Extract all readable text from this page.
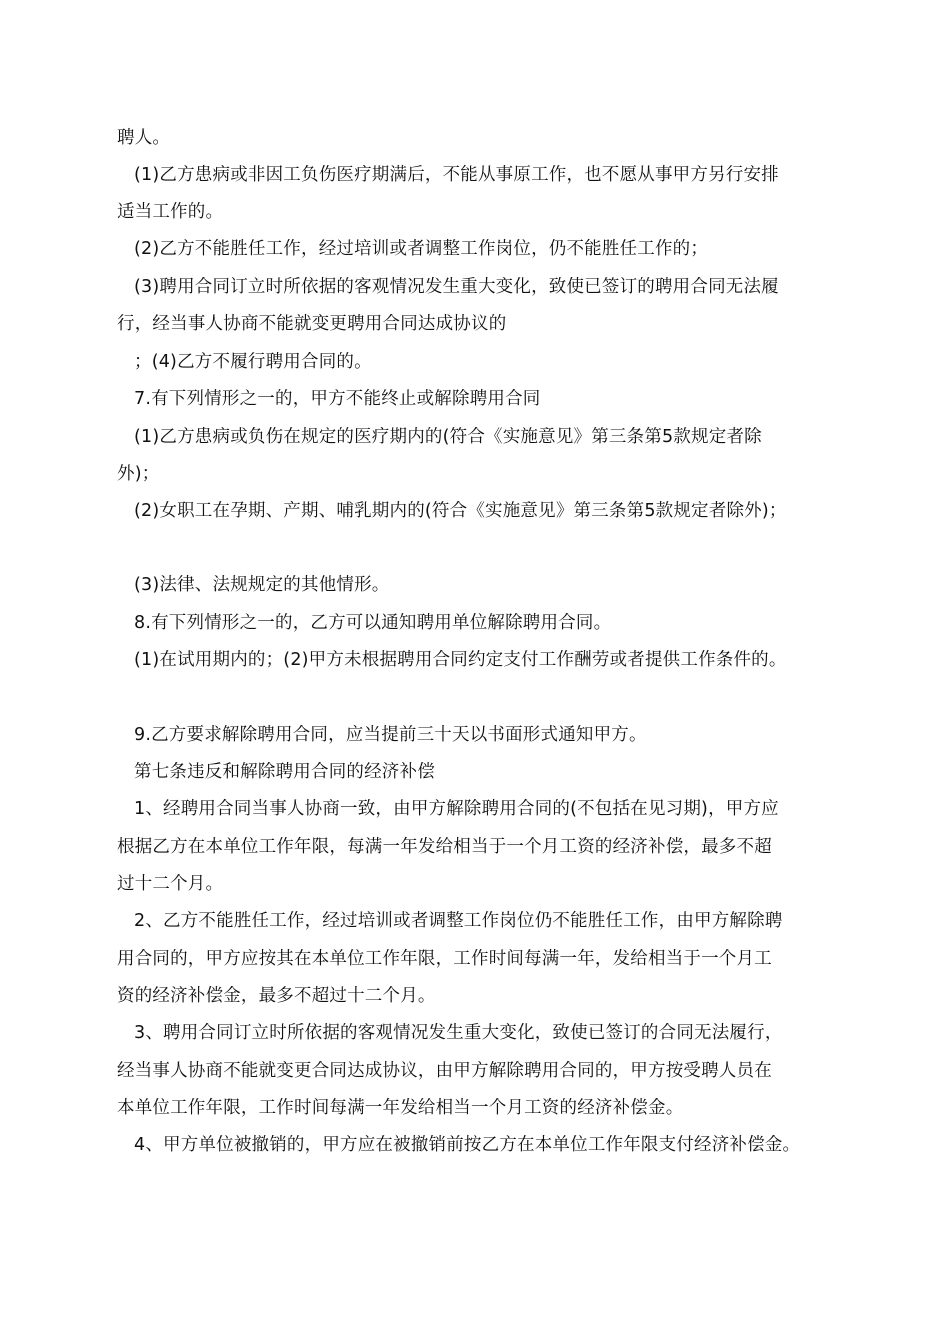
聘人。
(1)乙方患病或非因工负伤医疗期满后，不能从事原工作，也不愿从事甲方另行安排
适当工作的。
(2)乙方不能胜任工作，经过培训或者调整工作岗位，仍不能胜任工作的；
(3)聘用合同订立时所依据的客观情况发生重大变化，致使已签订的聘用合同无法履
行，经当事人协商不能就变更聘用合同达成协议的
；(4)乙方不履行聘用合同的。
7.有下列情形之一的，甲方不能终止或解除聘用合同
(1)乙方患病或负伤在规定的医疗期内的(符合《实施意见》第三条第5款规定者除
外)；
(2)女职工在孕期、产期、哺乳期内的(符合《实施意见》第三条第5款规定者除外)；
(3)法律、法规规定的其他情形。
8.有下列情形之一的，乙方可以通知聘用单位解除聘用合同。
(1)在试用期内的；(2)甲方未根据聘用合同约定支付工作酬劳或者提供工作条件的。
9.乙方要求解除聘用合同，应当提前三十天以书面形式通知甲方。
第七条违反和解除聘用合同的经济补偿
1、经聘用合同当事人协商一致，由甲方解除聘用合同的(不包括在见习期)，甲方应
根据乙方在本单位工作年限，每满一年发给相当于一个月工资的经济补偿，最多不超
过十二个月。
2、乙方不能胜任工作，经过培训或者调整工作岗位仍不能胜任工作，由甲方解除聘
用合同的，甲方应按其在本单位工作年限，工作时间每满一年，发给相当于一个月工
资的经济补偿金，最多不超过十二个月。
3、聘用合同订立时所依据的客观情况发生重大变化，致使已签订的合同无法履行，
经当事人协商不能就变更合同达成协议，由甲方解除聘用合同的，甲方按受聘人员在
本单位工作年限，工作时间每满一年发给相当一个月工资的经济补偿金。
4、甲方单位被撤销的，甲方应在被撤销前按乙方在本单位工作年限支付经济补偿金。
